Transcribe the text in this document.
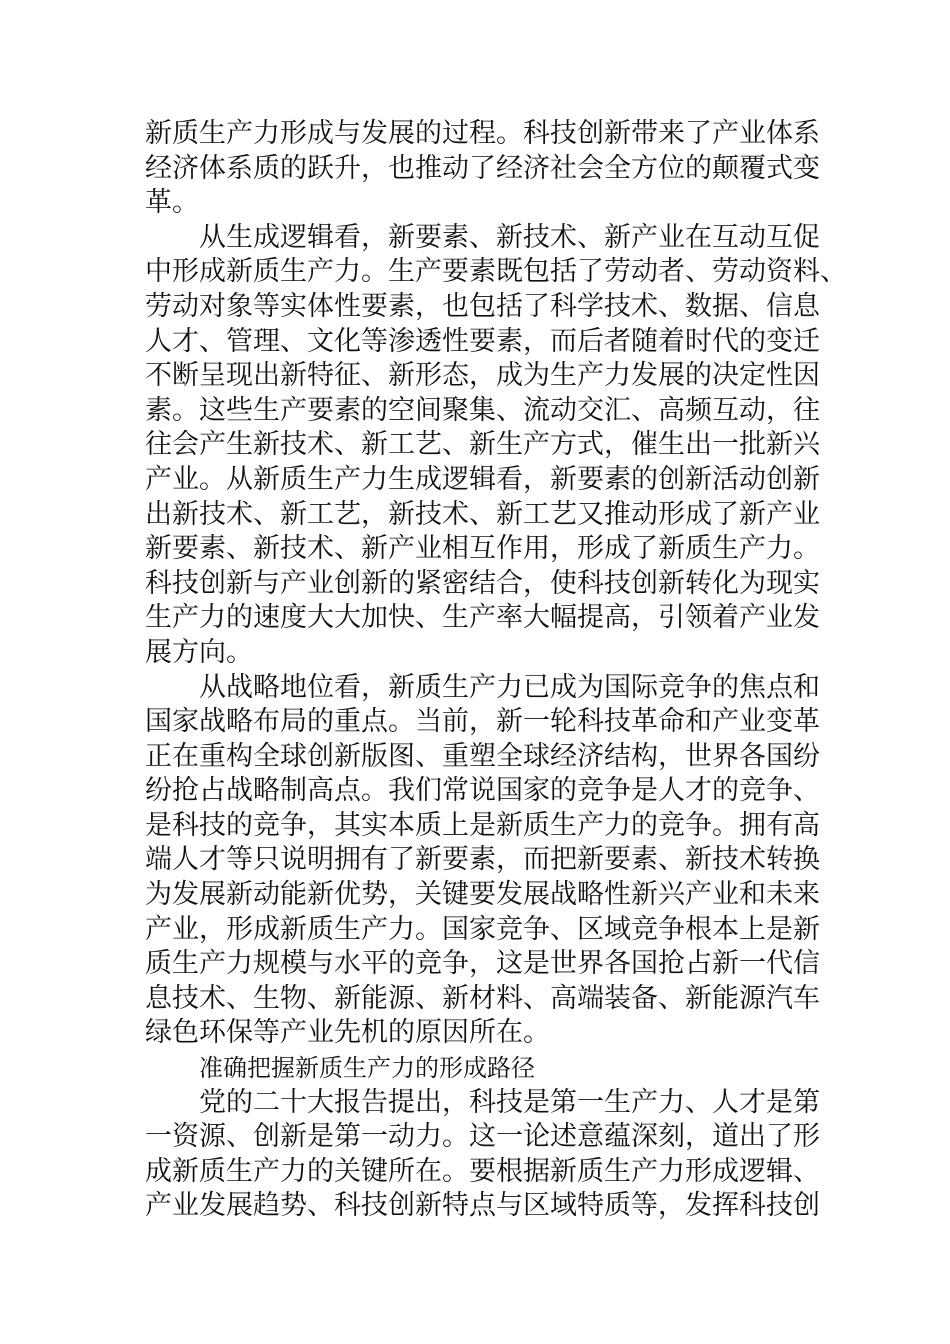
新质生产力形成与发展的过程。科技创新带来了产业体系
经济体系质的跃升，也推动了经济社会全方位的颠覆式变
革。
从生成逻辑看，新要素、新技术、新产业在互动互促
中形成新质生产力。生产要素既包括了劳动者、劳动资料、
劳动对象等实体性要素，也包括了科学技术、数据、信息
人才、管理、文化等渗透性要素，而后者随着时代的变迁
不断呈现出新特征、新形态，成为生产力发展的决定性因
素。这些生产要素的空间聚集、流动交汇、高频互动，往
往会产生新技术、新工艺、新生产方式，催生出一批新兴
产业。从新质生产力生成逻辑看，新要素的创新活动创新
出新技术、新工艺，新技术、新工艺又推动形成了新产业
新要素、新技术、新产业相互作用，形成了新质生产力。
科技创新与产业创新的紧密结合，使科技创新转化为现实
生产力的速度大大加快、生产率大幅提高，引领着产业发
展方向。
从战略地位看，新质生产力已成为国际竞争的焦点和
国家战略布局的重点。当前，新一轮科技革命和产业变革
正在重构全球创新版图、重塑全球经济结构，世界各国纷
纷抢占战略制高点。我们常说国家的竞争是人才的竞争、
是科技的竞争，其实本质上是新质生产力的竞争。拥有高
端人才等只说明拥有了新要素，而把新要素、新技术转换
为发展新动能新优势，关键要发展战略性新兴产业和未来
产业，形成新质生产力。国家竞争、区域竞争根本上是新
质生产力规模与水平的竞争，这是世界各国抢占新一代信
息技术、生物、新能源、新材料、高端装备、新能源汽车
绿色环保等产业先机的原因所在。
准确把握新质生产力的形成路径
党的二十大报告提出，科技是第一生产力、人才是第
一资源、创新是第一动力。这一论述意蕴深刻，道出了形
成新质生产力的关键所在。要根据新质生产力形成逻辑、
产业发展趋势、科技创新特点与区域特质等，发挥科技创
